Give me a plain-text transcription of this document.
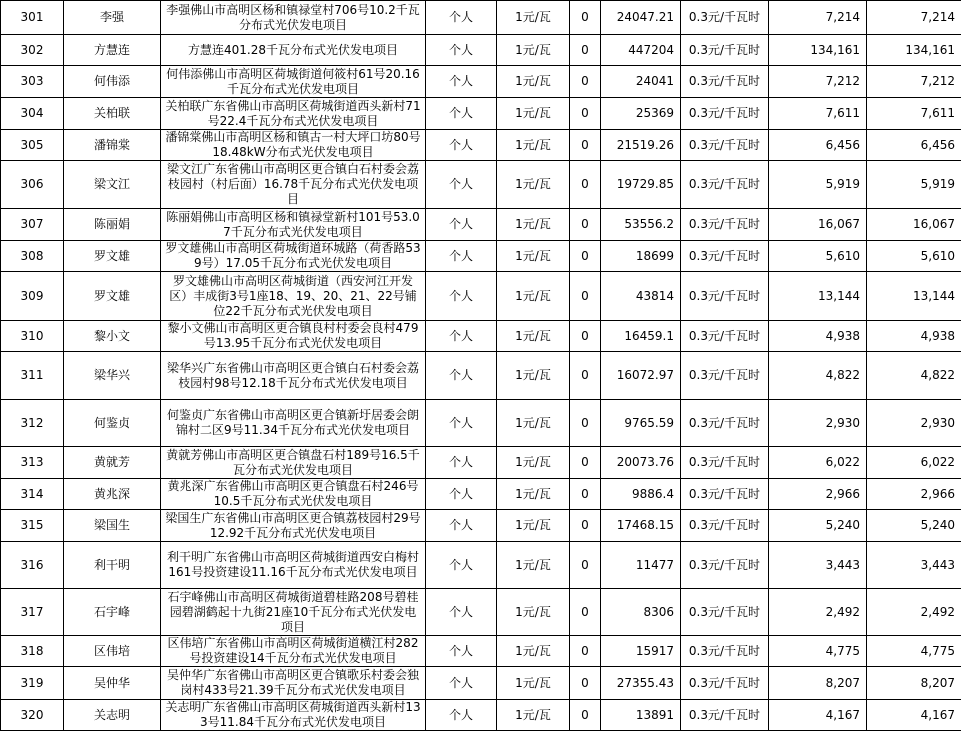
301	李强	李强佛山市高明区杨和镇禄堂村706号10.2千瓦分布式光伏发电项目	个人	1元/瓦	0	24047.21	0.3元/千瓦时	7,214	7,214
302	方慧连	方慧连401.28千瓦分布式光伏发电项目	个人	1元/瓦	0	447204	0.3元/千瓦时	134,161	134,161
303	何伟添	何伟添佛山市高明区荷城街道何筱村61号20.16千瓦分布式光伏发电项目	个人	1元/瓦	0	24041	0.3元/千瓦时	7,212	7,212
304	关柏联	关柏联广东省佛山市高明区荷城街道西头新村71号22.4千瓦分布式光伏发电项目	个人	1元/瓦	0	25369	0.3元/千瓦时	7,611	7,611
305	潘锦棠	潘锦棠佛山市高明区杨和镇古一村大坪口坊80号18.48kW分布式光伏发电项目	个人	1元/瓦	0	21519.26	0.3元/千瓦时	6,456	6,456
306	梁文江	梁文江广东省佛山市高明区更合镇白石村委会荔枝园村（村后面）16.78千瓦分布式光伏发电项目	个人	1元/瓦	0	19729.85	0.3元/千瓦时	5,919	5,919
307	陈丽娟	陈丽娟佛山市高明区杨和镇禄堂新村101号53.07千瓦分布式光伏发电项目	个人	1元/瓦	0	53556.2	0.3元/千瓦时	16,067	16,067
308	罗文雄	罗文雄佛山市高明区荷城街道环城路（荷香路539号）17.05千瓦分布式光伏发电项目	个人	1元/瓦	0	18699	0.3元/千瓦时	5,610	5,610
309	罗文雄	罗文雄佛山市高明区荷城街道（西安河江开发区）丰成街3号1座18、19、20、21、22号铺位22千瓦分布式光伏发电项目	个人	1元/瓦	0	43814	0.3元/千瓦时	13,144	13,144
310	黎小文	黎小文佛山市高明区更合镇良村村委会良村479号13.95千瓦分布式光伏发电项目	个人	1元/瓦	0	16459.1	0.3元/千瓦时	4,938	4,938
311	梁华兴	梁华兴广东省佛山市高明区更合镇白石村委会荔枝园村98号12.18千瓦分布式光伏发电项目	个人	1元/瓦	0	16072.97	0.3元/千瓦时	4,822	4,822
312	何鉴贞	何鉴贞广东省佛山市高明区更合镇新圩居委会朗锦村二区9号11.34千瓦分布式光伏发电项目	个人	1元/瓦	0	9765.59	0.3元/千瓦时	2,930	2,930
313	黄就芳	黄就芳佛山市高明区更合镇盘石村189号16.5千瓦分布式光伏发电项目	个人	1元/瓦	0	20073.76	0.3元/千瓦时	6,022	6,022
314	黄兆深	黄兆深广东省佛山市高明区更合镇盘石村246号10.5千瓦分布式光伏发电项目	个人	1元/瓦	0	9886.4	0.3元/千瓦时	2,966	2,966
315	梁国生	梁国生广东省佛山市高明区更合镇荔枝园村29号12.92千瓦分布式光伏发电项目	个人	1元/瓦	0	17468.15	0.3元/千瓦时	5,240	5,240
316	利干明	利干明广东省佛山市高明区荷城街道西安白梅村161号投资建设11.16千瓦分布式光伏发电项目	个人	1元/瓦	0	11477	0.3元/千瓦时	3,443	3,443
317	石宇峰	石宇峰佛山市高明区荷城街道碧桂路208号碧桂园碧湖鹤起十九街21座10千瓦分布式光伏发电项目	个人	1元/瓦	0	8306	0.3元/千瓦时	2,492	2,492
318	区伟培	区伟培广东省佛山市高明区荷城街道横江村282号投资建设14千瓦分布式光伏发电项目	个人	1元/瓦	0	15917	0.3元/千瓦时	4,775	4,775
319	吴仲华	吴仲华广东省佛山市高明区更合镇歌乐村委会独岗村433号21.39千瓦分布式光伏发电项目	个人	1元/瓦	0	27355.43	0.3元/千瓦时	8,207	8,207
320	关志明	关志明广东省佛山市高明区荷城街道西头新村133号11.84千瓦分布式光伏发电项目	个人	1元/瓦	0	13891	0.3元/千瓦时	4,167	4,167
